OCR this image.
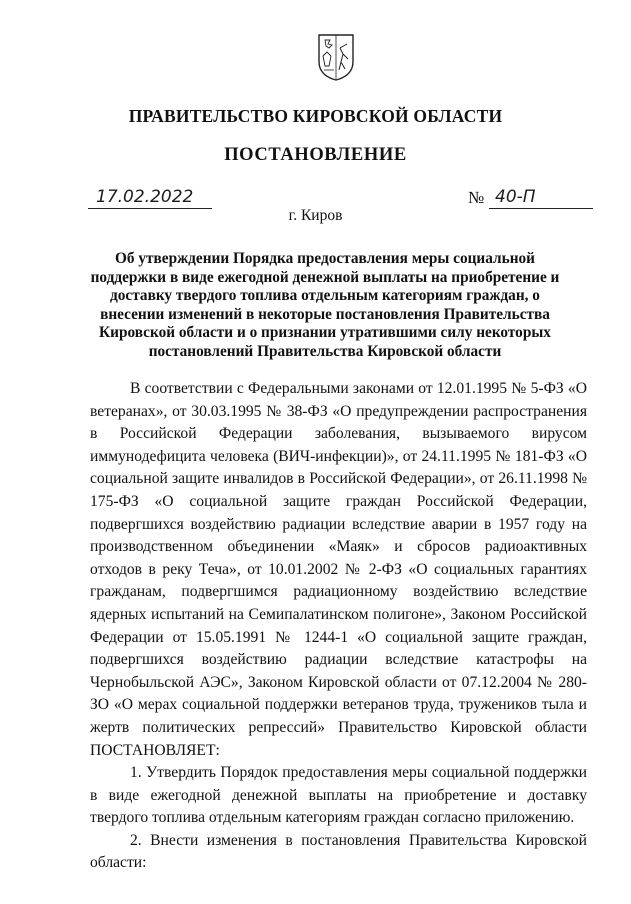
ПРАВИТЕЛЬСТВО КИРОВСКОЙ ОБЛАСТИ
ПОСТАНОВЛЕНИЕ
17.02.2022	№ 40-П
г. Киров
Об утверждении Порядка предоставления меры социальной поддержки в виде ежегодной денежной выплаты на приобретение и доставку твердого топлива отдельным категориям граждан, о внесении изменений в некоторые постановления Правительства Кировской области и о признании утратившими силу некоторых постановлений Правительства Кировской области

В соответствии с Федеральными законами от 12.01.1995 № 5-ФЗ «О ветеранах», от 30.03.1995 № 38-ФЗ «О предупреждении распространения в Российской Федерации заболевания, вызываемого вирусом иммунодефицита человека (ВИЧ-инфекции)», от 24.11.1995 № 181-ФЗ «О социальной защите инвалидов в Российской Федерации», от 26.11.1998 № 175-ФЗ «О социальной защите граждан Российской Федерации, подвергшихся воздействию радиации вследствие аварии в 1957 году на производственном объединении «Маяк» и сбросов радиоактивных отходов в реку Теча», от 10.01.2002 № 2-ФЗ «О социальных гарантиях гражданам, подвергшимся радиационному воздействию вследствие ядерных испытаний на Семипалатинском полигоне», Законом Российской Федерации от 15.05.1991 № 1244-1 «О социальной защите граждан, подвергшихся воздействию радиации вследствие катастрофы на Чернобыльской АЭС», Законом Кировской области от 07.12.2004 № 280-ЗО «О мерах социальной поддержки ветеранов труда, тружеников тыла и жертв политических репрессий» Правительство Кировской области ПОСТАНОВЛЯЕТ:

1. Утвердить Порядок предоставления меры социальной поддержки в виде ежегодной денежной выплаты на приобретение и доставку твердого топлива отдельным категориям граждан согласно приложению.

2. Внести изменения в постановления Правительства Кировской области:
